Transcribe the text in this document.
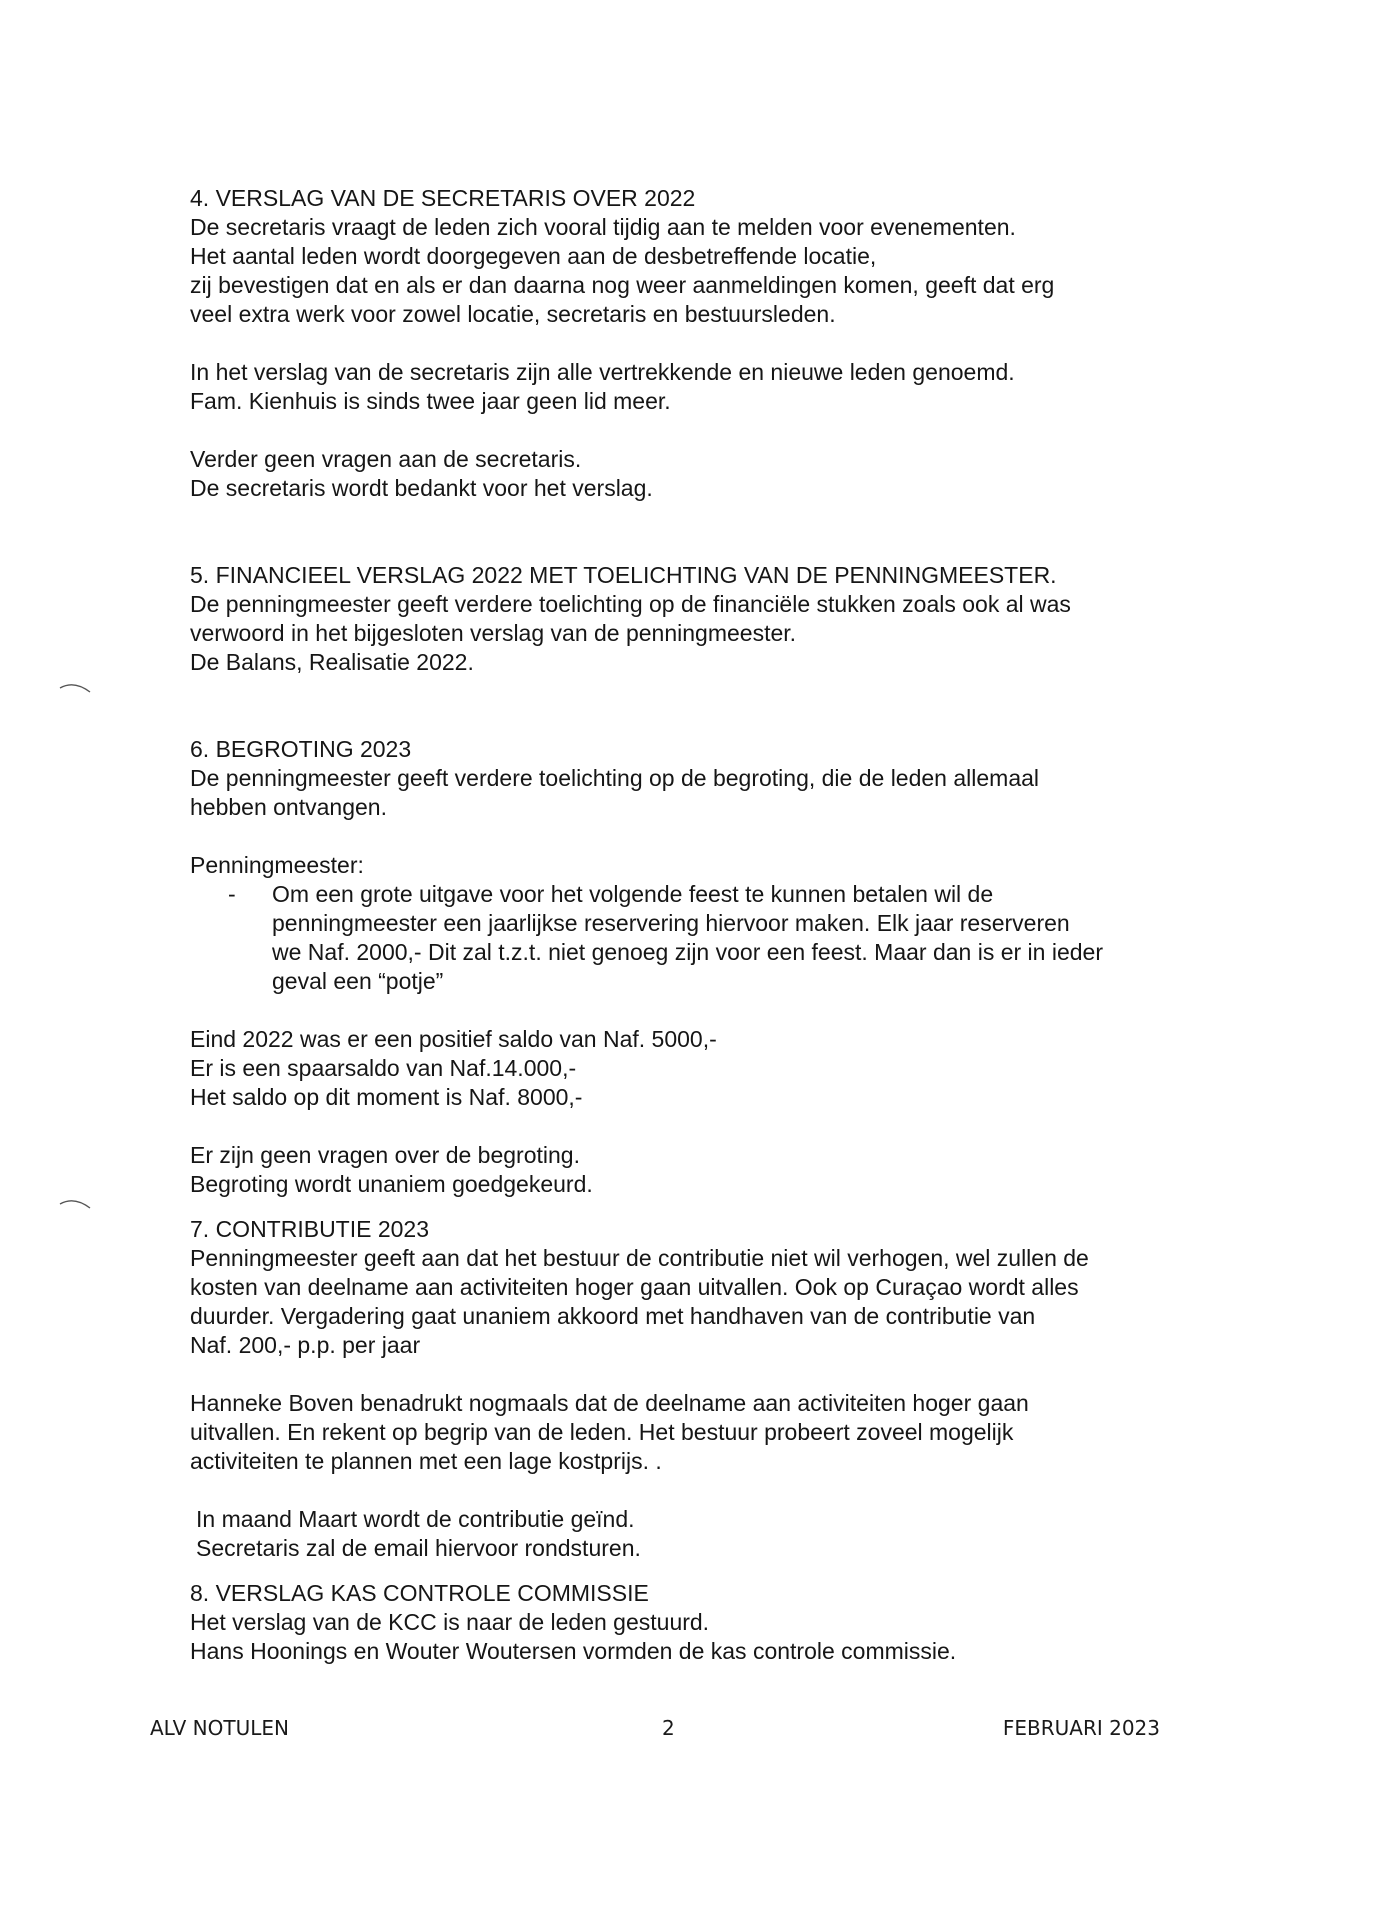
4. VERSLAG VAN DE SECRETARIS OVER 2022
De secretaris vraagt de leden zich vooral tijdig aan te melden voor evenementen.
Het aantal leden wordt doorgegeven aan de desbetreffende locatie,
zij bevestigen dat en als er dan daarna nog weer aanmeldingen komen, geeft dat erg
veel extra werk voor zowel locatie, secretaris en bestuursleden.
In het verslag van de secretaris zijn alle vertrekkende en nieuwe leden genoemd.
Fam. Kienhuis is sinds twee jaar geen lid meer.
Verder geen vragen aan de secretaris.
De secretaris wordt bedankt voor het verslag.
5. FINANCIEEL VERSLAG 2022 MET TOELICHTING VAN DE PENNINGMEESTER.
De penningmeester geeft verdere toelichting op de financiële stukken zoals ook al was
verwoord in het bijgesloten verslag van de penningmeester.
De Balans, Realisatie 2022.
6. BEGROTING 2023
De penningmeester geeft verdere toelichting op de begroting, die de leden allemaal
hebben ontvangen.
Penningmeester:
-	Om een grote uitgave voor het volgende feest te kunnen betalen wil de
penningmeester een jaarlijkse reservering hiervoor maken. Elk jaar reserveren
we Naf. 2000,- Dit zal t.z.t. niet genoeg zijn voor een feest. Maar dan is er in ieder
geval een “potje”
Eind 2022 was er een positief saldo van Naf. 5000,-
Er is een spaarsaldo van Naf.14.000,-
Het saldo op dit moment is Naf. 8000,-
Er zijn geen vragen over de begroting.
Begroting wordt unaniem goedgekeurd.
7. CONTRIBUTIE 2023
Penningmeester geeft aan dat het bestuur de contributie niet wil verhogen, wel zullen de
kosten van deelname aan activiteiten hoger gaan uitvallen. Ook op Curaçao wordt alles
duurder. Vergadering gaat unaniem akkoord met handhaven van de contributie van
Naf. 200,- p.p. per jaar
Hanneke Boven benadrukt nogmaals dat de deelname aan activiteiten hoger gaan
uitvallen. En rekent op begrip van de leden. Het bestuur probeert zoveel mogelijk
activiteiten te plannen met een lage kostprijs. .
In maand Maart wordt de contributie geïnd.
Secretaris zal de email hiervoor rondsturen.
8. VERSLAG KAS CONTROLE COMMISSIE
Het verslag van de KCC is naar de leden gestuurd.
Hans Hoonings en Wouter Woutersen vormden de kas controle commissie.
ALV NOTULEN	2	FEBRUARI 2023
